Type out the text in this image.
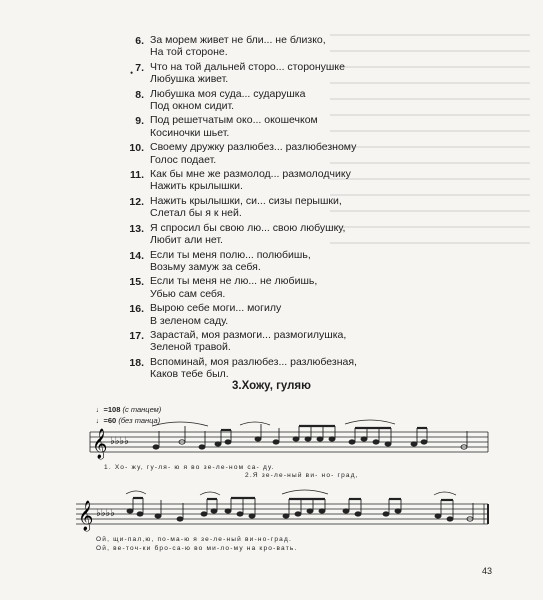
•
6. За морем живет не бли... не близко,
На той стороне.
7. Что на той дальней сторо... сторонушке
Любушка живет.
8. Любушка моя суда... сударушка
Под окном сидит.
9. Под решетчатым око... окошечком
Косиночки шьет.
10. Своему дружку разлюбез... разлюбезному
Голос подает.
11. Как бы мне же размолод... размолодчику
Нажить крылышки.
12. Нажить крылышки, си... сизы перышки,
Слетал бы я к ней.
13. Я спросил бы свою лю... свою любушку,
Любит али нет.
14. Если ты меня полю... полюбишь,
Возьму замуж за себя.
15. Если ты меня не лю... не любишь,
Убью сам себя.
16. Вырою себе моги... могилу
В зеленом саду.
17. Зарастай, моя размоги... размогилушка,
Зеленой травой.
18. Вспоминай, моя разлюбез... разлюбезная,
Каков тебе был.
3.Хожу, гуляю
♩=108 (с танцем)
♩=60 (без танца)
𝄞 ♭♭♭♭
1. Хо- жу, гу-ля- ю я во зе-ле-ном са- ду.
2.Я зе-ле-ный ви- но- град,
𝄞 ♭♭♭♭
Ой, щи-пал,ю, по-ма-ю я зе-ле-ный ви-но-град.
Ой, ве-точ-ки бро-са-ю во ми-ло-му на кро-вать.
43
